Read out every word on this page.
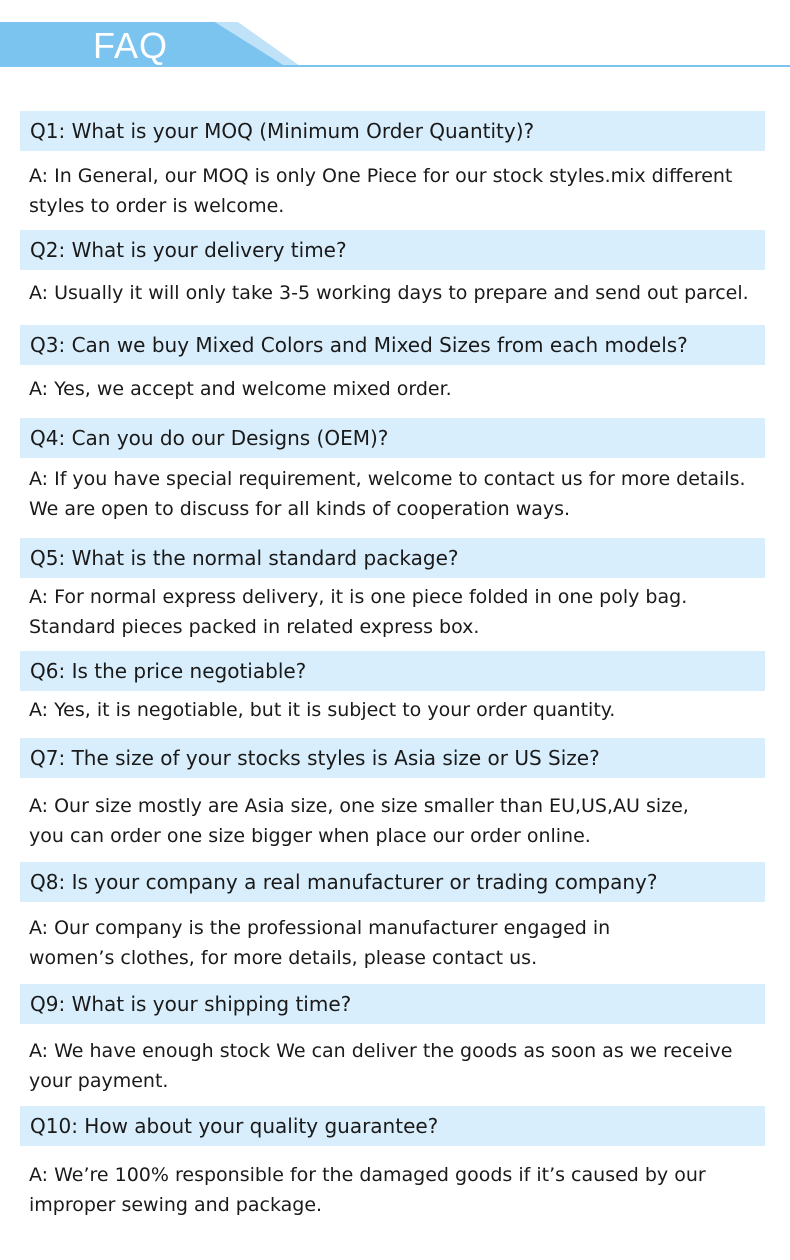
FAQ
Q1: What is your MOQ (Minimum Order Quantity)?
A: In General, our MOQ is only One Piece for our stock styles.mix different
styles to order is welcome.
Q2: What is your delivery time?
A: Usually it will only take 3-5 working days to prepare and send out parcel.
Q3: Can we buy Mixed Colors and Mixed Sizes from each models?
A: Yes, we accept and welcome mixed order.
Q4: Can you do our Designs (OEM)?
A: If you have special requirement, welcome to contact us for more details.
We are open to discuss for all kinds of cooperation ways.
Q5: What is the normal standard package?
A: For normal express delivery, it is one piece folded in one poly bag.
Standard pieces packed in related express box.
Q6: Is the price negotiable?
A: Yes, it is negotiable, but it is subject to your order quantity.
Q7: The size of your stocks styles is Asia size or US Size?
A: Our size mostly are Asia size, one size smaller than EU,US,AU size,
you can order one size bigger when place our order online.
Q8: Is your company a real manufacturer or trading company?
A: Our company is the professional manufacturer engaged in
women’s clothes, for more details, please contact us.
Q9: What is your shipping time?
A: We have enough stock We can deliver the goods as soon as we receive
your payment.
Q10: How about your quality guarantee?
A: We’re 100% responsible for the damaged goods if it’s caused by our
improper sewing and package.
